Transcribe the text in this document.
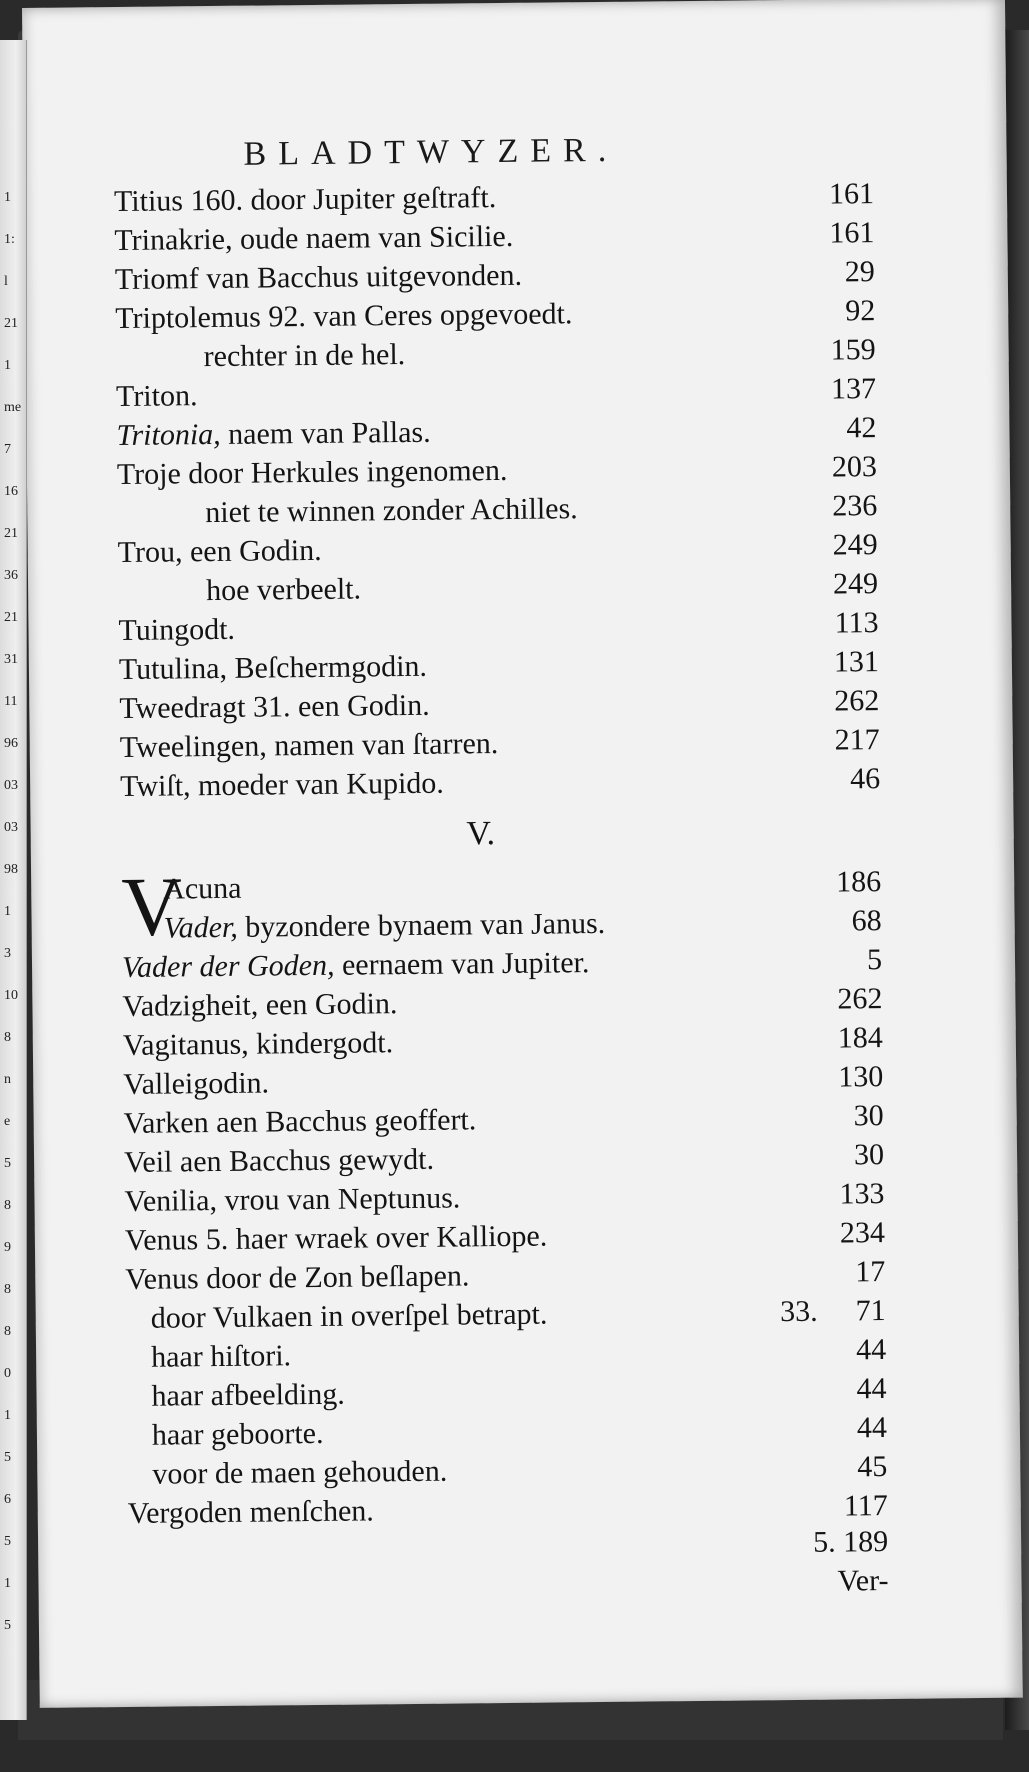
BLADTWYZER.
Titius 160. door Jupiter geſtraft.	161
Trinakrie, oude naem van Sicilie.	161
Triomf van Bacchus uitgevonden.	29
Triptolemus 92. van Ceres opgevoedt.	92
rechter in de hel.	159
Triton.	137
Tritonia, naem van Pallas.	42
Troje door Herkules ingenomen.	203
niet te winnen zonder Achilles.	236
Trou, een Godin.	249
hoe verbeelt.	249
Tuingodt.	113
Tutulina, Beſchermgodin.	131
Tweedragt 31. een Godin.	262
Tweelingen, namen van ſtarren.	217
Twiſt, moeder van Kupido.	46
V.
V
Acuna	186
Vader, byzondere bynaem van Janus.	68
Vader der Goden, eernaem van Jupiter.	5
Vadzigheit, een Godin.	262
Vagitanus, kindergodt.	184
Valleigodin.	130
Varken aen Bacchus geoffert.	30
Veil aen Bacchus gewydt.	30
Venilia, vrou van Neptunus.	133
Venus 5. haer wraek over Kalliope.	234
Venus door de Zon beſlapen.	17
door Vulkaen in overſpel betrapt.	33. 71
haar hiſtori.	44
haar afbeelding.	44
haar geboorte.	44
voor de maen gehouden.	45
Vergoden menſchen.	117
5. 189
Ver-
1
1:
l
21
1
me
7
16
21
36
21
31
11
96
03
03
98
1
3
10
8
n
e
5
8
9
8
8
0
1
5
6
5
1
5
